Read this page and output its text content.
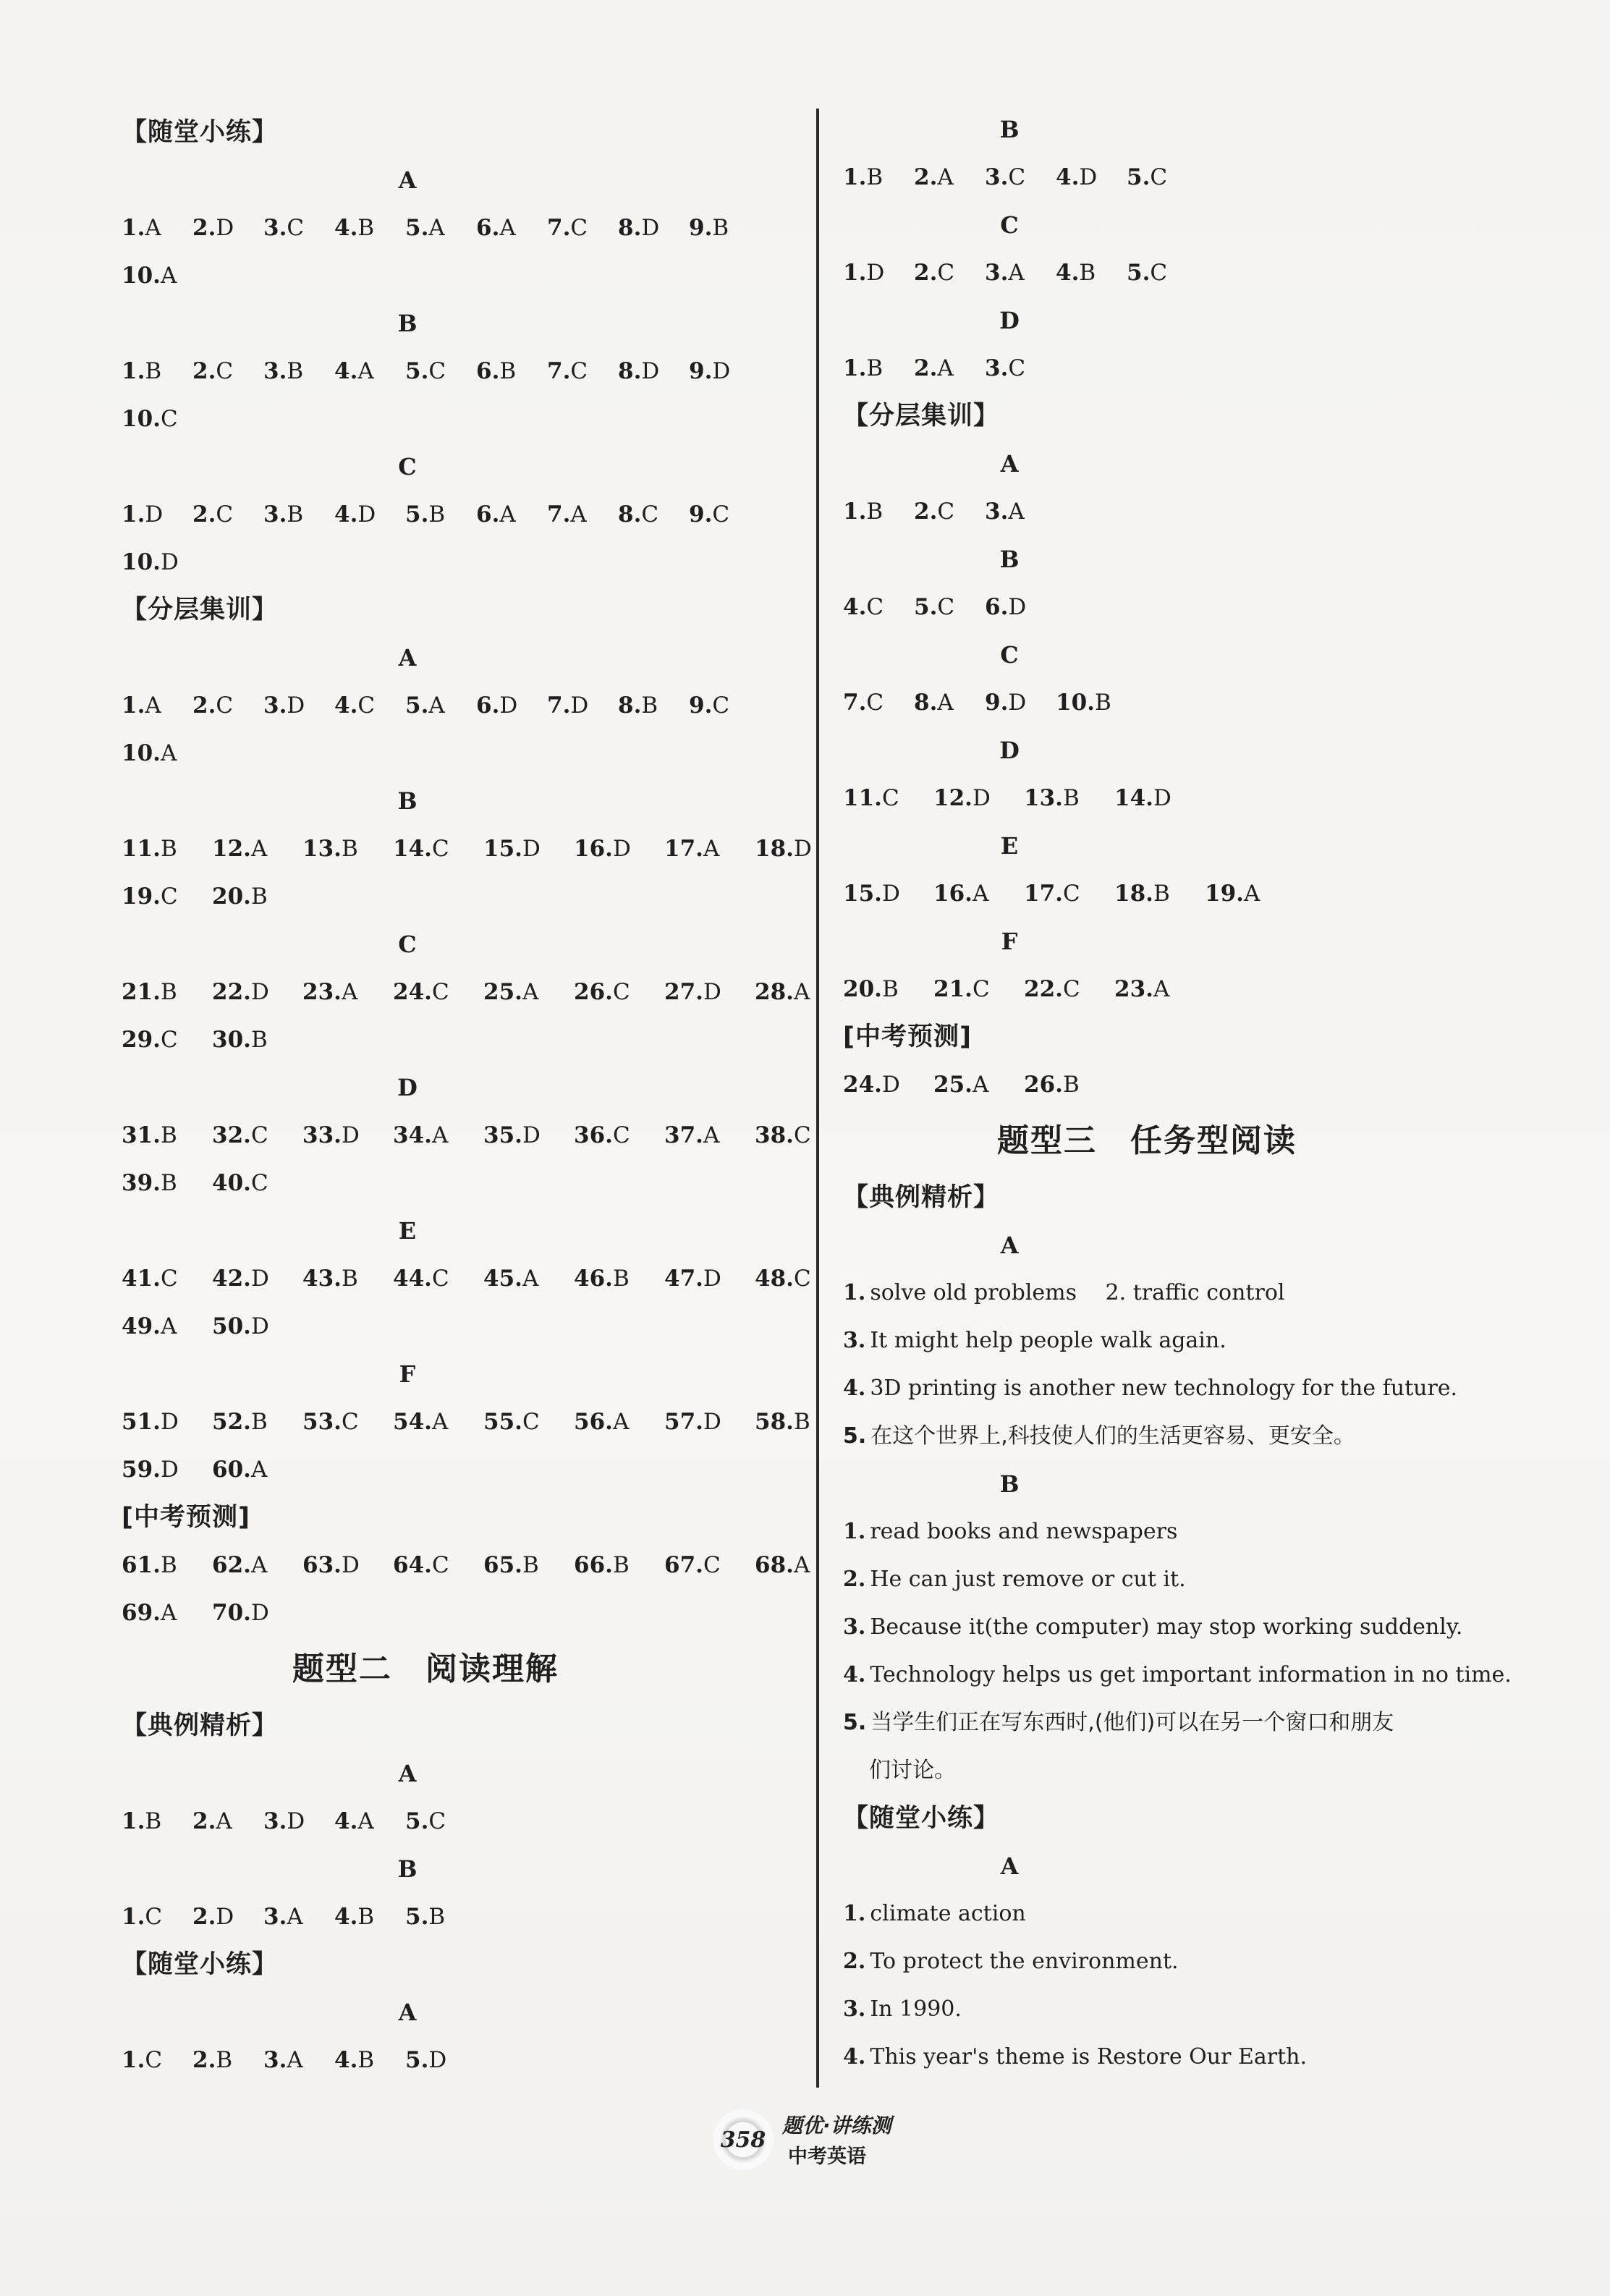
【随堂小练】
A
1.A 2.D 3.C 4.B 5.A 6.A 7.C 8.D 9.B
10.A
B
1.B 2.C 3.B 4.A 5.C 6.B 7.C 8.D 9.D
10.C
C
1.D 2.C 3.B 4.D 5.B 6.A 7.A 8.C 9.C
10.D
【分层集训】
A
1.A 2.C 3.D 4.C 5.A 6.D 7.D 8.B 9.C
10.A
B
11.B 12.A 13.B 14.C 15.D 16.D 17.A 18.D
19.C 20.B
C
21.B 22.D 23.A 24.C 25.A 26.C 27.D 28.A
29.C 30.B
D
31.B 32.C 33.D 34.A 35.D 36.C 37.A 38.C
39.B 40.C
E
41.C 42.D 43.B 44.C 45.A 46.B 47.D 48.C
49.A 50.D
F
51.D 52.B 53.C 54.A 55.C 56.A 57.D 58.B
59.D 60.A
[中考预测]
61.B 62.A 63.D 64.C 65.B 66.B 67.C 68.A
69.A 70.D
题型二　阅读理解
【典例精析】
A
1.B 2.A 3.D 4.A 5.C
B
1.C 2.D 3.A 4.B 5.B
【随堂小练】
A
1.C 2.B 3.A 4.B 5.D
B
1.B 2.A 3.C 4.D 5.C
C
1.D 2.C 3.A 4.B 5.C
D
1.B 2.A 3.C
【分层集训】
A
1.B 2.C 3.A
B
4.C 5.C 6.D
C
7.C 8.A 9.D 10.B
D
11.C 12.D 13.B 14.D
E
15.D 16.A 17.C 18.B 19.A
F
20.B 21.C 22.C 23.A
[中考预测]
24.D 25.A 26.B
题型三　任务型阅读
【典例精析】
A
1. solve old problems　 2. traffic control
3. It might help people walk again.
4. 3D printing is another new technology for the future.
5. 在这个世界上,科技使人们的生活更容易、更安全。
B
1. read books and newspapers
2. He can just remove or cut it.
3. Because it(the computer) may stop working suddenly.
4. Technology helps us get important information in no time.
5. 当学生们正在写东西时,(他们)可以在另一个窗口和朋友
们讨论。
【随堂小练】
A
1. climate action
2. To protect the environment.
3. In 1990.
4. This year's theme is Restore Our Earth.
358
题优·讲练测
中考英语
